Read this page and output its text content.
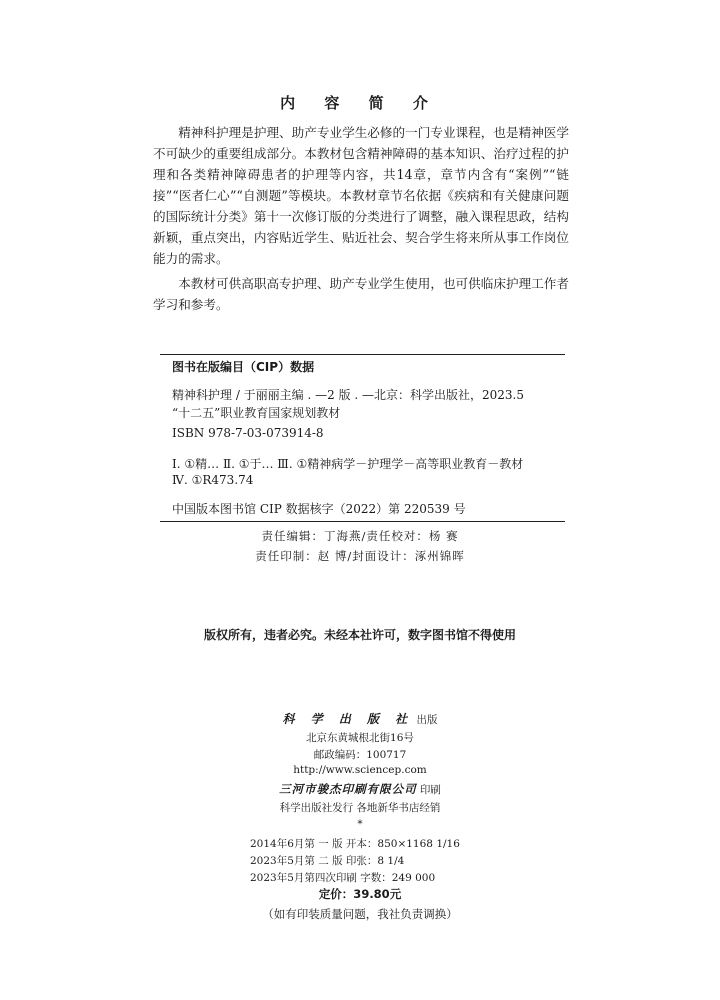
内 容 简 介

精神科护理是护理、助产专业学生必修的一门专业课程，也是精神医学不可缺少的重要组成部分。本教材包含精神障碍的基本知识、治疗过程的护理和各类精神障碍患者的护理等内容，共14章，章节内含有“案例”“链接”“医者仁心”“自测题”等模块。本教材章节名依据《疾病和有关健康问题的国际统计分类》第十一次修订版的分类进行了调整，融入课程思政，结构新颖，重点突出，内容贴近学生、贴近社会、契合学生将来所从事工作岗位能力的需求。

本教材可供高职高专护理、助产专业学生使用，也可供临床护理工作者学习和参考。

图书在版编目（CIP）数据
精神科护理 / 于丽丽主编 . —2 版 . —北京：科学出版社，2023.5
“十二五”职业教育国家规划教材
ISBN 978-7-03-073914-8
Ⅰ. ①精… Ⅱ. ①于… Ⅲ. ①精神病学－护理学－高等职业教育－教材
Ⅳ. ①R473.74
中国版本图书馆 CIP 数据核字（2022）第 220539 号
责任编辑：丁海燕/责任校对：杨 赛
责任印制：赵 博/封面设计：涿州锦晖
版权所有，违者必究。未经本社许可，数字图书馆不得使用
科 学 出 版 社 出版
北京东黄城根北街16号
邮政编码：100717
http://www.sciencep.com
三河市骏杰印刷有限公司 印刷
科学出版社发行 各地新华书店经销
*
2014年6月第 一 版 开本：850×1168 1/16
2023年5月第 二 版 印张：8 1/4
2023年5月第四次印刷 字数：249 000
定价：39.80元
（如有印装质量问题，我社负责调换）
